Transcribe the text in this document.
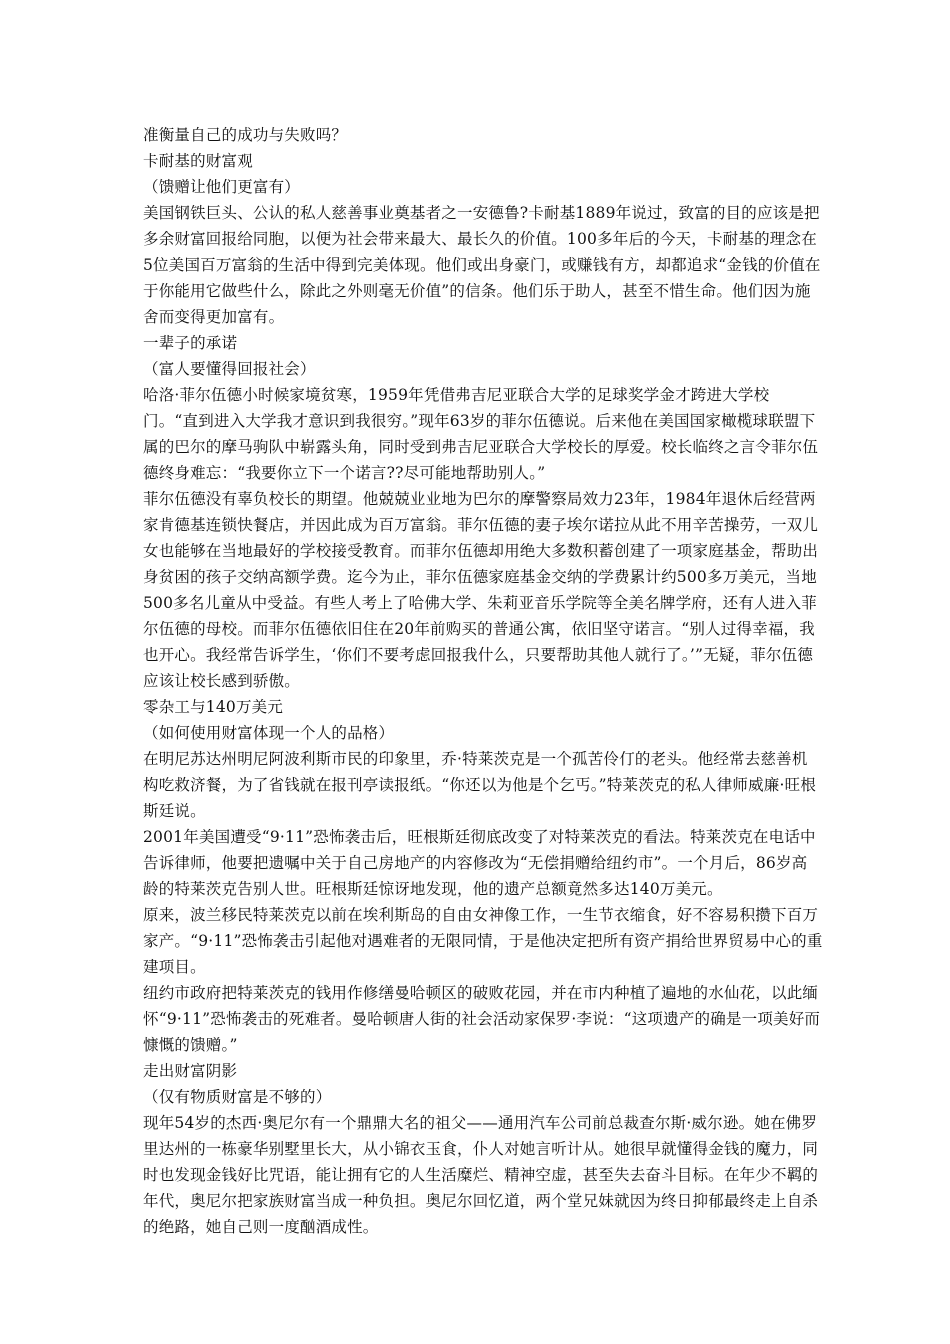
准衡量自己的成功与失败吗？

卡耐基的财富观

（馈赠让他们更富有）

美国钢铁巨头、公认的私人慈善事业奠基者之一安德鲁?卡耐基1889年说过，致富的目的应该是把多余财富回报给同胞，以便为社会带来最大、最长久的价值。100多年后的今天，卡耐基的理念在5位美国百万富翁的生活中得到完美体现。他们或出身豪门，或赚钱有方，却都追求“金钱的价值在于你能用它做些什么，除此之外则毫无价值”的信条。他们乐于助人，甚至不惜生命。他们因为施舍而变得更加富有。

一辈子的承诺

（富人要懂得回报社会）

哈洛·菲尔伍德小时候家境贫寒，1959年凭借弗吉尼亚联合大学的足球奖学金才跨进大学校门。“直到进入大学我才意识到我很穷。”现年63岁的菲尔伍德说。后来他在美国国家橄榄球联盟下属的巴尔的摩马驹队中崭露头角，同时受到弗吉尼亚联合大学校长的厚爱。校长临终之言令菲尔伍德终身难忘：“我要你立下一个诺言??尽可能地帮助别人。”

菲尔伍德没有辜负校长的期望。他兢兢业业地为巴尔的摩警察局效力23年，1984年退休后经营两家肯德基连锁快餐店，并因此成为百万富翁。菲尔伍德的妻子埃尔诺拉从此不用辛苦操劳，一双儿女也能够在当地最好的学校接受教育。而菲尔伍德却用绝大多数积蓄创建了一项家庭基金，帮助出身贫困的孩子交纳高额学费。迄今为止，菲尔伍德家庭基金交纳的学费累计约500多万美元，当地500多名儿童从中受益。有些人考上了哈佛大学、朱莉亚音乐学院等全美名牌学府，还有人进入菲尔伍德的母校。而菲尔伍德依旧住在20年前购买的普通公寓，依旧坚守诺言。“别人过得幸福，我也开心。我经常告诉学生，‘你们不要考虑回报我什么，只要帮助其他人就行了。’”无疑，菲尔伍德应该让校长感到骄傲。

零杂工与140万美元

（如何使用财富体现一个人的品格）

在明尼苏达州明尼阿波利斯市民的印象里，乔·特莱茨克是一个孤苦伶仃的老头。他经常去慈善机构吃救济餐，为了省钱就在报刊亭读报纸。“你还以为他是个乞丐。”特莱茨克的私人律师威廉·旺根斯廷说。

2001年美国遭受“9·11”恐怖袭击后，旺根斯廷彻底改变了对特莱茨克的看法。特莱茨克在电话中告诉律师，他要把遗嘱中关于自己房地产的内容修改为“无偿捐赠给纽约市”。一个月后，86岁高龄的特莱茨克告别人世。旺根斯廷惊讶地发现，他的遗产总额竟然多达140万美元。

原来，波兰移民特莱茨克以前在埃利斯岛的自由女神像工作，一生节衣缩食，好不容易积攒下百万家产。“9·11”恐怖袭击引起他对遇难者的无限同情，于是他决定把所有资产捐给世界贸易中心的重建项目。

纽约市政府把特莱茨克的钱用作修缮曼哈顿区的破败花园，并在市内种植了遍地的水仙花，以此缅怀“9·11”恐怖袭击的死难者。曼哈顿唐人街的社会活动家保罗·李说：“这项遗产的确是一项美好而慷慨的馈赠。”

走出财富阴影

（仅有物质财富是不够的）

现年54岁的杰西·奥尼尔有一个鼎鼎大名的祖父——通用汽车公司前总裁查尔斯·威尔逊。她在佛罗里达州的一栋豪华别墅里长大，从小锦衣玉食，仆人对她言听计从。她很早就懂得金钱的魔力，同时也发现金钱好比咒语，能让拥有它的人生活糜烂、精神空虚，甚至失去奋斗目标。在年少不羁的年代，奥尼尔把家族财富当成一种负担。奥尼尔回忆道，两个堂兄妹就因为终日抑郁最终走上自杀的绝路，她自己则一度酗酒成性。
